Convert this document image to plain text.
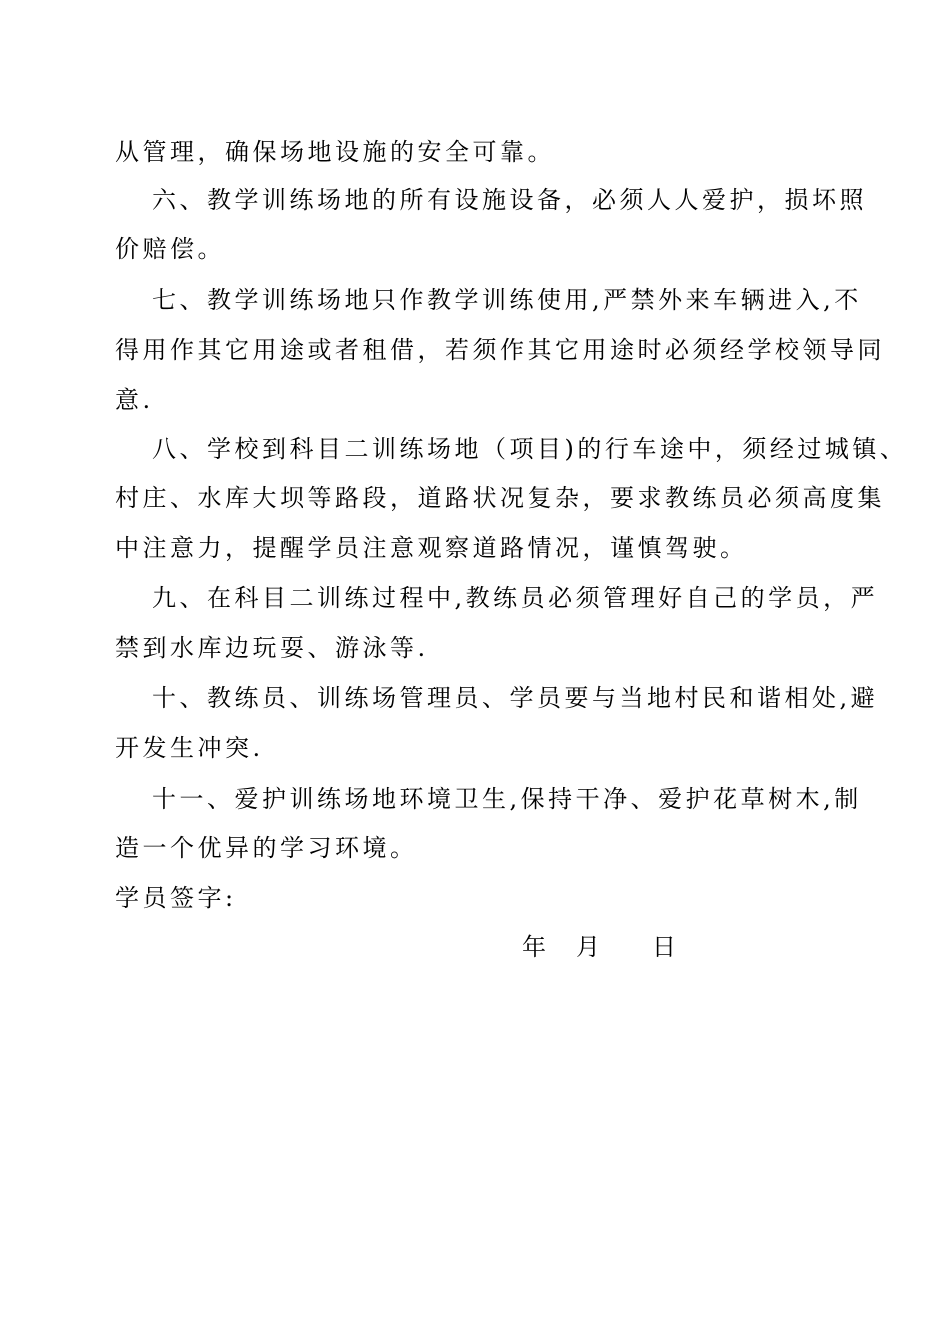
从管理，确保场地设施的安全可靠。
六、教学训练场地的所有设施设备，必须人人爱护，损坏照
价赔偿。
七、教学训练场地只作教学训练使用,严禁外来车辆进入,不
得用作其它用途或者租借，若须作其它用途时必须经学校领导同
意.
八、学校到科目二训练场地（项目)的行车途中，须经过城镇、
村庄、水库大坝等路段，道路状况复杂，要求教练员必须高度集
中注意力，提醒学员注意观察道路情况，谨慎驾驶。
九、在科目二训练过程中,教练员必须管理好自己的学员，严
禁到水库边玩耍、游泳等.
十、教练员、训练场管理员、学员要与当地村民和谐相处,避
开发生冲突.
十一、爱护训练场地环境卫生,保持干净、爱护花草树木,制
造一个优异的学习环境。
学员签字:
年 月 日
